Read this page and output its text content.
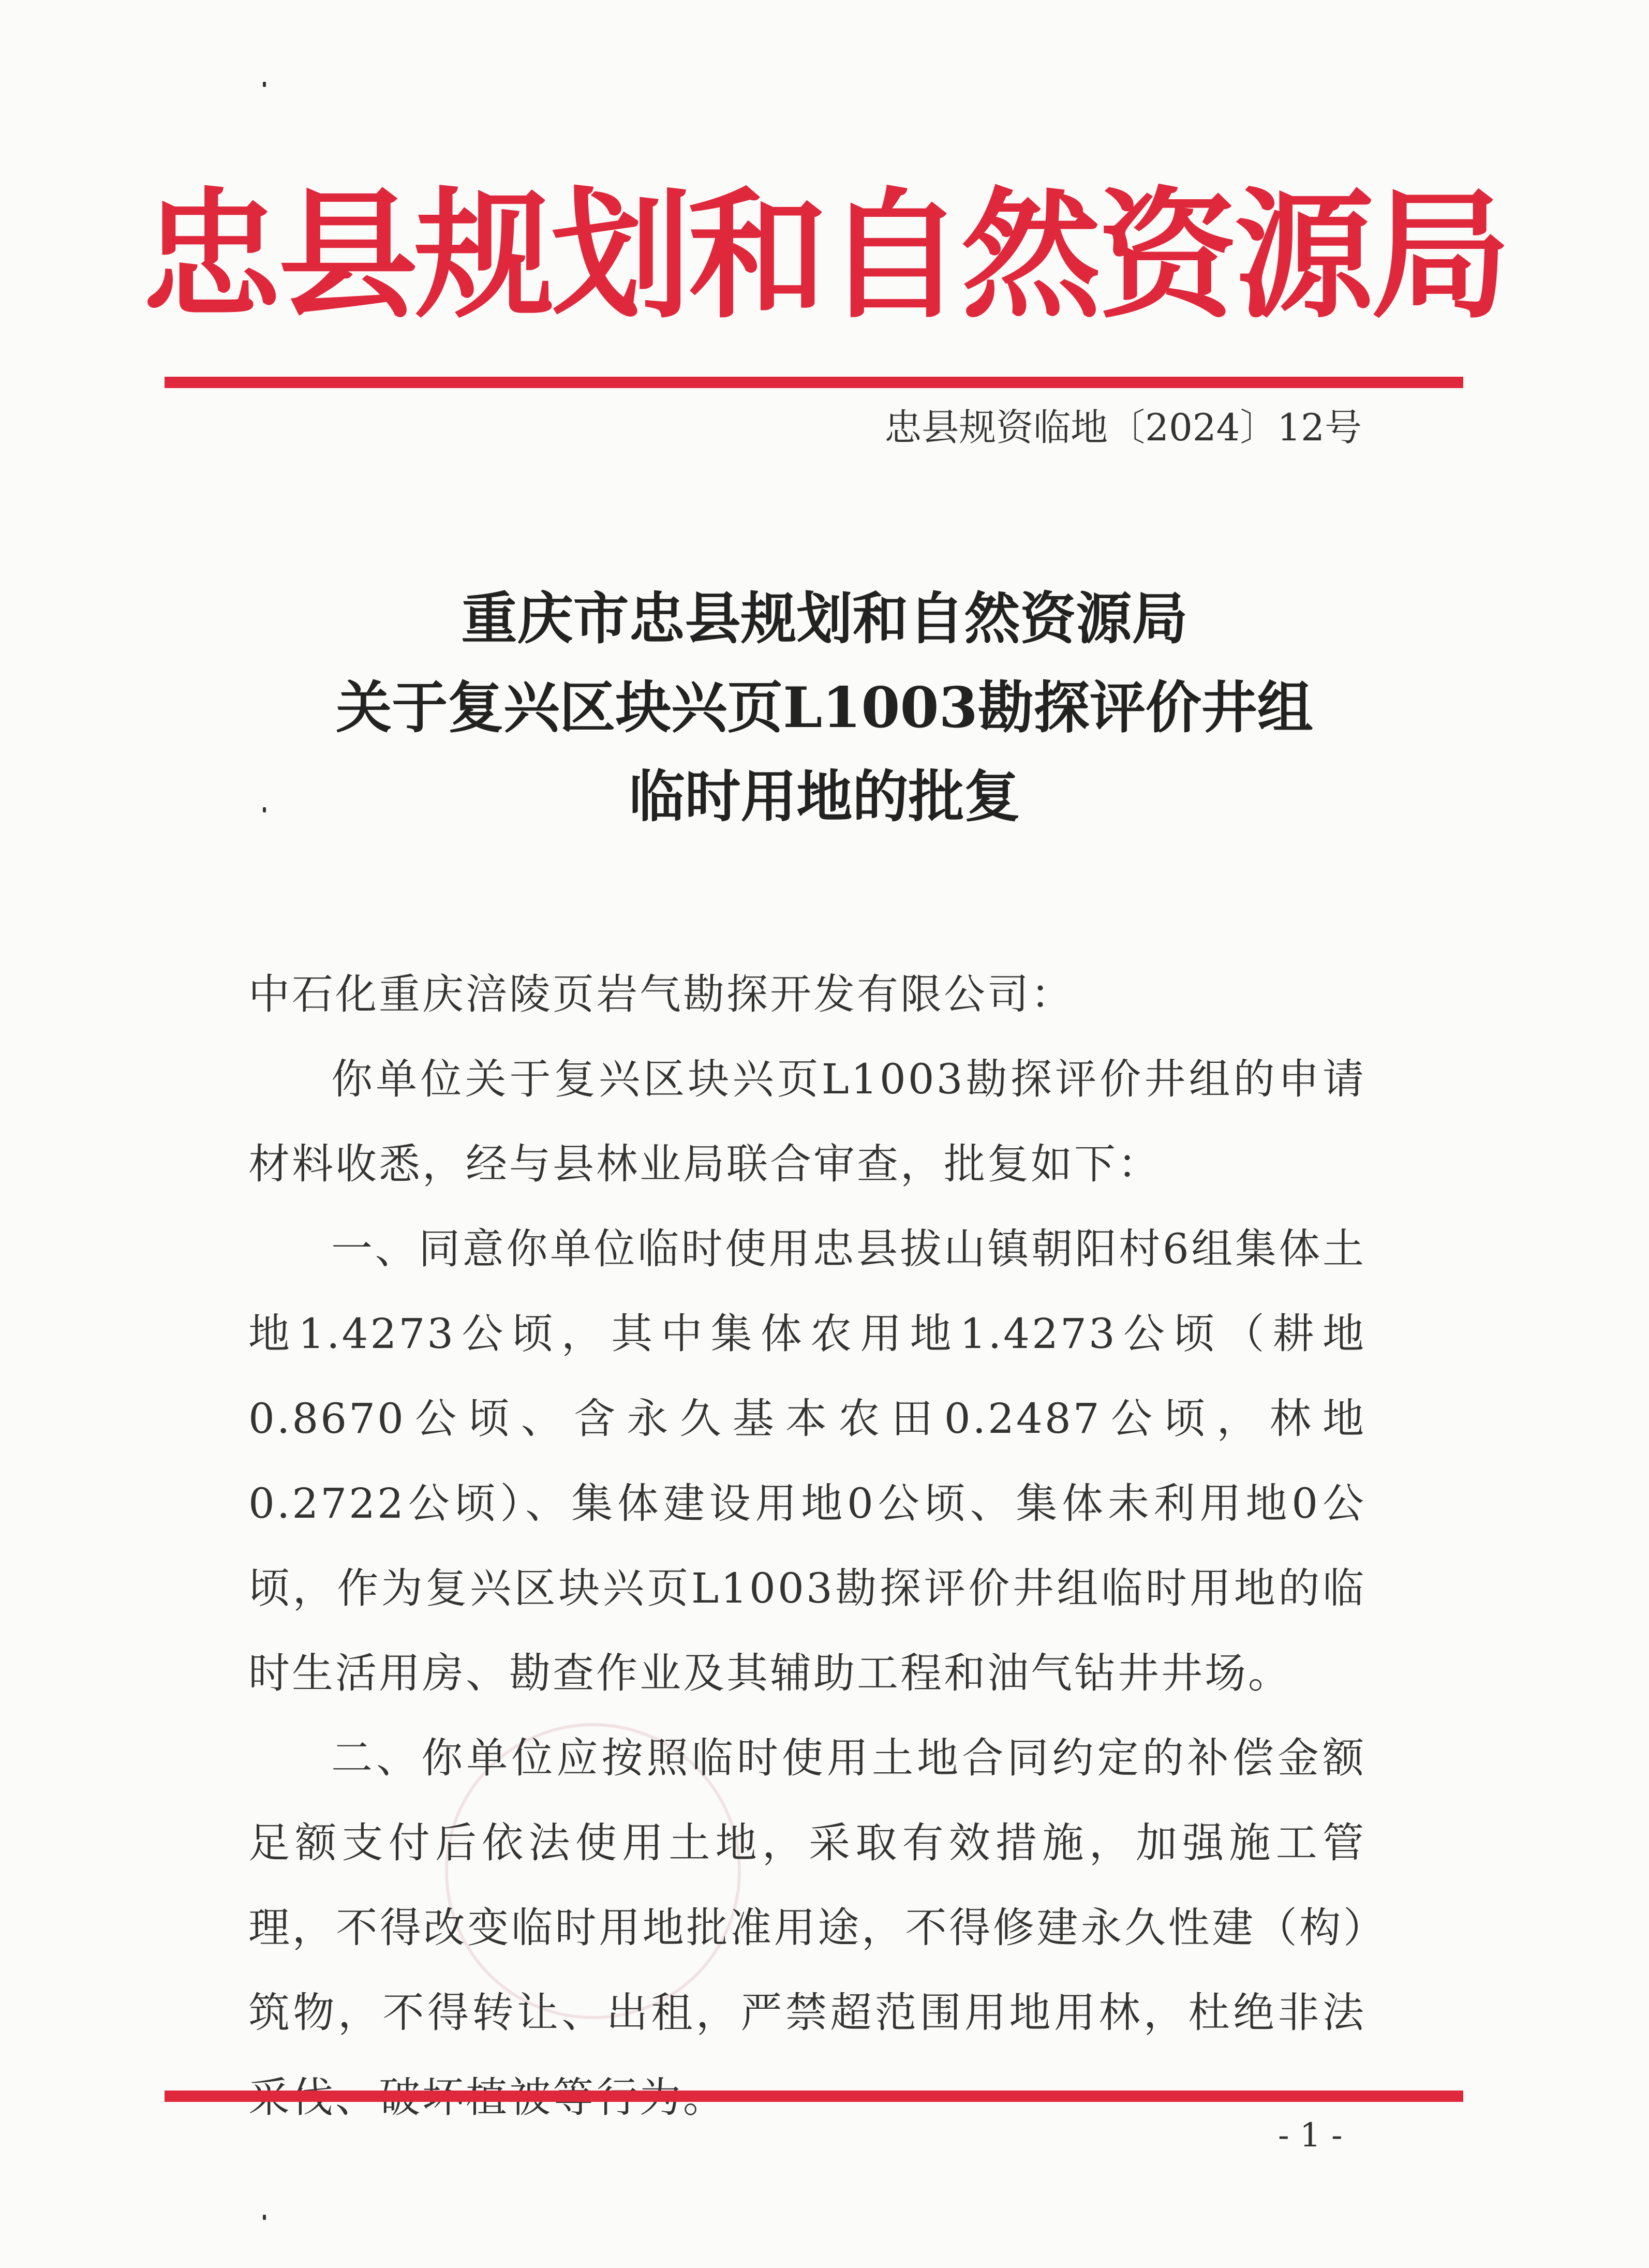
忠县规划和自然资源局
忠县规资临地〔2024〕12号
重庆市忠县规划和自然资源局
关于复兴区块兴页L1003勘探评价井组
临时用地的批复

中石化重庆涪陵页岩气勘探开发有限公司：

你单位关于复兴区块兴页L1003勘探评价井组的申请材料收悉，经与县林业局联合审查，批复如下：

一、同意你单位临时使用忠县拔山镇朝阳村6组集体土地1.4273公顷，其中集体农用地1.4273公顷（耕地0.8670公顷、含永久基本农田0.2487公顷，林地0.2722公顷）、集体建设用地0公顷、集体未利用地0公顷，作为复兴区块兴页L1003勘探评价井组临时用地的临时生活用房、勘查作业及其辅助工程和油气钻井井场。

二、你单位应按照临时使用土地合同约定的补偿金额足额支付后依法使用土地，采取有效措施，加强施工管理，不得改变临时用地批准用途，不得修建永久性建（构）筑物，不得转让、出租，严禁超范围用地用林，杜绝非法

- 1 -
